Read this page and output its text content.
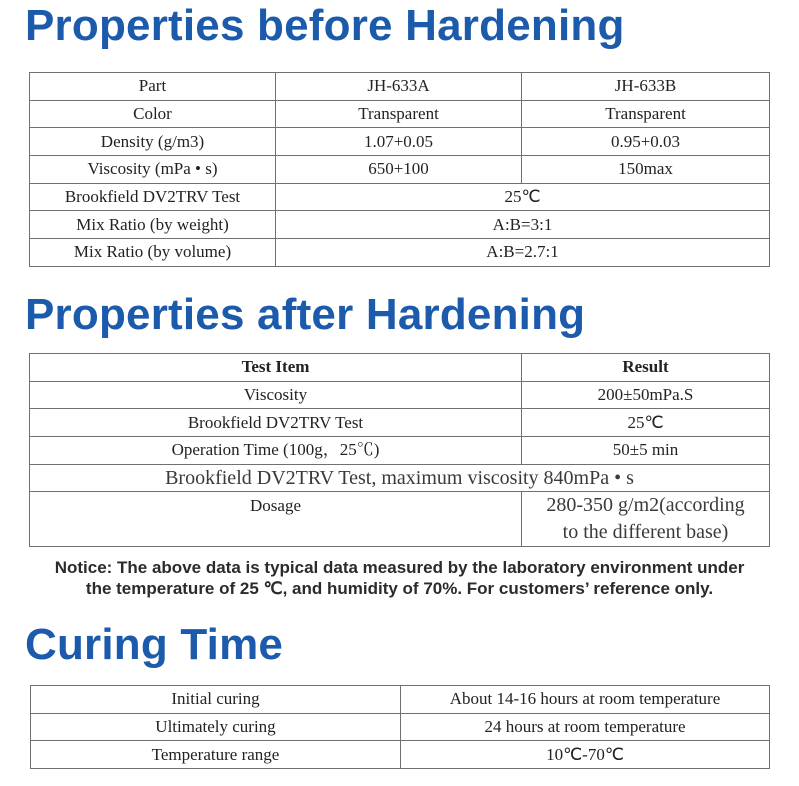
Properties before Hardening
Part	JH-633A	JH-633B
Color	Transparent	Transparent
Density (g/m3)	1.07+0.05	0.95+0.03
Viscosity (mPa • s)	650+100	150max
Brookfield DV2TRV Test	25℃	
Mix Ratio (by weight)	A:B=3:1	
Mix Ratio (by volume)	A:B=2.7:1	
Properties after Hardening
Test Item	Result
Viscosity	200±50mPa.S
Brookfield DV2TRV Test	25℃
Operation Time (100g，25℃)	50±5 min
Brookfield DV2TRV Test, maximum viscosity 840mPa • s	
Dosage	280-350 g/m2(according
to the different base)
Notice: The above data is typical data measured by the laboratory environment under
the temperature of 25 ℃, and humidity of 70%. For customers’ reference only.
Curing Time
Initial curing	About 14-16 hours at room temperature
Ultimately curing	24 hours at room temperature
Temperature range	10℃-70℃
